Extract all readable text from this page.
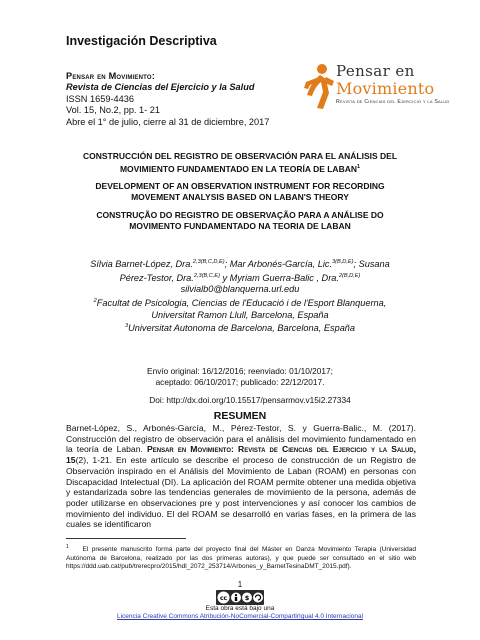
Investigación Descriptiva
Pensar en Movimiento:
Revista de Ciencias del Ejercicio y la Salud
ISSN 1659-4436
Vol. 15, No.2, pp. 1- 21
Abre el 1° de julio, cierre al 31 de diciembre, 2017
Pensar en
Movimiento
Revista de Ciencias del Ejercicio y la Salud
CONSTRUCCIÓN DEL REGISTRO DE OBSERVACIÓN PARA EL ANÁLISIS DEL
MOVIMIENTO FUNDAMENTADO EN LA TEORÍA DE LABAN$^1$
DEVELOPMENT OF AN OBSERVATION INSTRUMENT FOR RECORDING
MOVEMENT ANALYSIS BASED ON LABAN'S THEORY
CONSTRUÇÃO DO REGISTRO DE OBSERVAÇÃO PARA A ANÁLISE DO
MOVIMENTO FUNDAMENTADO NA TEORIA DE LABAN
Sílvia Barnet-López, Dra.$^{2,3(B,C,D,E)}$; Mar Arbonés-García, Lic.$^{3(B,D,E)}$; Susana
Pérez-Testor, Dra.$^{2,3(B,C,E)}$ y Myriam Guerra-Balic , Dra.$^{2(B,D,E)}$
silvialb0@blanquerna.url.edu
$^2$Facultat de Psicologia, Ciencias de l'Educació i de l'Esport Blanquerna,
Universitat Ramon Llull, Barcelona, España
$^3$Universitat Autonoma de Barcelona, Barcelona, España
Envío original: 16/12/2016; reenviado: 01/10/2017;
aceptado: 06/10/2017; publicado: 22/12/2017.
Doi: http://dx.doi.org/10.15517/pensarmov.v15i2.27334
RESUMEN
Barnet-López, S., Arbonés-García, M., Pérez-Testor, S. y Guerra-Balic., M. (2017). Construcción del registro de observación para el análisis del movimiento fundamentado en la teoría de Laban. Pensar en Movimiento: Revista de Ciencias del Ejercicio y la Salud, 15(2), 1-21. En este artículo se describe el proceso de construcción de un Registro de Observación inspirado en el Análisis del Movimiento de Laban (ROAM) en personas con Discapacidad Intelectual (DI). La aplicación del ROAM permite obtener una medida objetiva y estandarizada sobre las tendencias generales de movimiento de la persona, además de poder utilizarse en observaciones pre y post intervenciones y así conocer los cambios de movimiento del individuo. El del ROAM se desarrolló en varias fases, en la primera de las cuales se identificaron
$^1$ El presente manuscrito forma parte del proyecto final del Máster en Danza Movimiento Terapia (Universidad Autónoma de Barcelona, realizado por las dos primeras autoras), y que puede ser consultado en el sitio web https://ddd.uab.cat/pub/trerecpro/2015/hdl_2072_253714/Arbones_y_BarnetTesinaDMT_2015.pdf).
1
cc	$
Esta obra está bajo una
Licencia Creative Commons Atribución-NoComercial-CompartirIgual 4.0 Internacional
